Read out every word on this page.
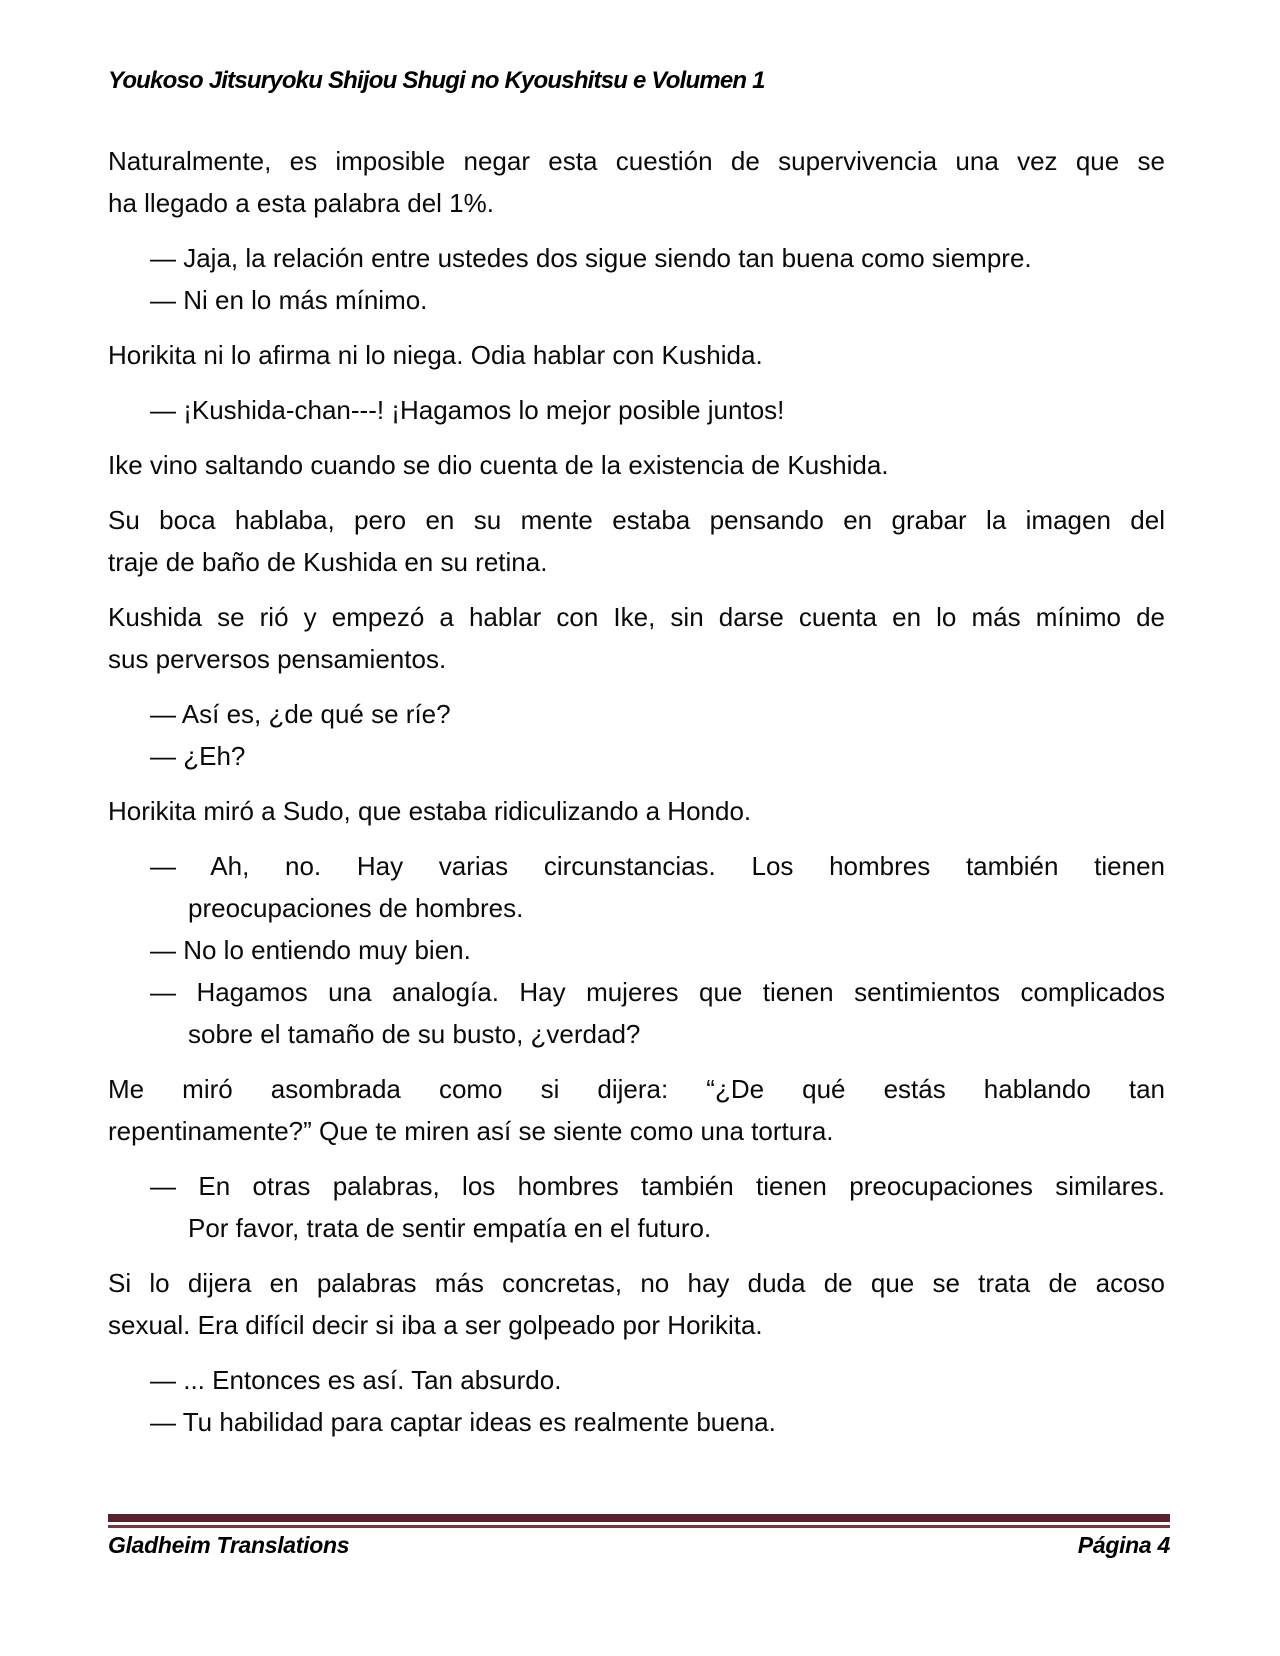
Youkoso Jitsuryoku Shijou Shugi no Kyoushitsu e Volumen 1
Naturalmente, es imposible negar esta cuestión de supervivencia una vez que se
ha llegado a esta palabra del 1%.
— Jaja, la relación entre ustedes dos sigue siendo tan buena como siempre.
— Ni en lo más mínimo.
Horikita ni lo afirma ni lo niega. Odia hablar con Kushida.
— ¡Kushida-chan---! ¡Hagamos lo mejor posible juntos!
Ike vino saltando cuando se dio cuenta de la existencia de Kushida.
Su boca hablaba, pero en su mente estaba pensando en grabar la imagen del
traje de baño de Kushida en su retina.
Kushida se rió y empezó a hablar con Ike, sin darse cuenta en lo más mínimo de
sus perversos pensamientos.
— Así es, ¿de qué se ríe?
— ¿Eh?
Horikita miró a Sudo, que estaba ridiculizando a Hondo.
— Ah, no. Hay varias circunstancias. Los hombres también tienen
preocupaciones de hombres.
— No lo entiendo muy bien.
— Hagamos una analogía. Hay mujeres que tienen sentimientos complicados
sobre el tamaño de su busto, ¿verdad?
Me miró asombrada como si dijera: “¿De qué estás hablando tan
repentinamente?” Que te miren así se siente como una tortura.
— En otras palabras, los hombres también tienen preocupaciones similares.
Por favor, trata de sentir empatía en el futuro.
Si lo dijera en palabras más concretas, no hay duda de que se trata de acoso
sexual. Era difícil decir si iba a ser golpeado por Horikita.
— ... Entonces es así. Tan absurdo.
— Tu habilidad para captar ideas es realmente buena.
Gladheim Translations	Página 4
